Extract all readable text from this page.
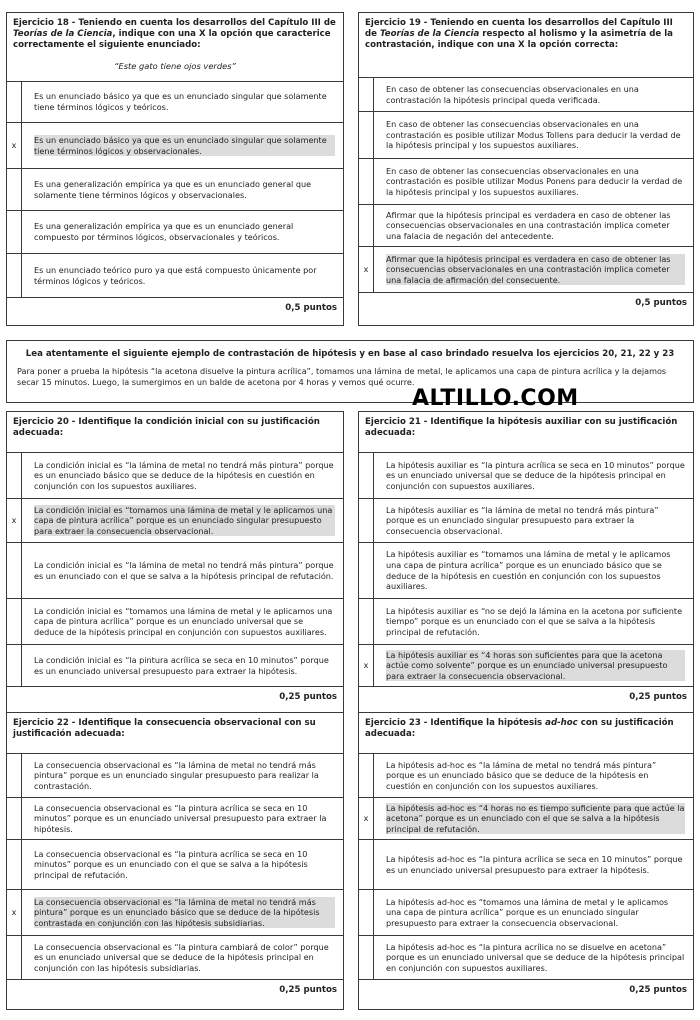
Ejercicio 18 - Teniendo en cuenta los desarrollos del Capítulo III de Teorías de la Ciencia, indique con una X la opción que caracterice correctamente el siguiente enunciado:
“Este gato tiene ojos verdes”
Es un enunciado básico ya que es un enunciado singular que solamente tiene términos lógicos y teóricos.
x
Es un enunciado básico ya que es un enunciado singular que solamente tiene términos lógicos y observacionales.
Es una generalización empírica ya que es un enunciado general que solamente tiene términos lógicos y observacionales.
Es una generalización empírica ya que es un enunciado general compuesto por términos lógicos, observacionales y teóricos.
Es un enunciado teórico puro ya que está compuesto únicamente por términos lógicos y teóricos.
0,5 puntos
Ejercicio 19 - Teniendo en cuenta los desarrollos del Capítulo III de Teorías de la Ciencia respecto al holismo y la asimetría de la contrastación, indique con una X la opción correcta:
En caso de obtener las consecuencias observacionales en una contrastación la hipótesis principal queda verificada.
En caso de obtener las consecuencias observacionales en una contrastación es posible utilizar Modus Tollens para deducir la verdad de la hipótesis principal y los supuestos auxiliares.
En caso de obtener las consecuencias observacionales en una contrastación es posible utilizar Modus Ponens para deducir la verdad de la hipótesis principal y los supuestos auxiliares.
Afirmar que la hipótesis principal es verdadera en caso de obtener las consecuencias observacionales en una contrastación implica cometer una falacia de negación del antecedente.
x
Afirmar que la hipótesis principal es verdadera en caso de obtener las consecuencias observacionales en una contrastación implica cometer una falacia de afirmación del consecuente.
0,5 puntos
Lea atentamente el siguiente ejemplo de contrastación de hipótesis y en base al caso brindado resuelva los ejercicios 20, 21, 22 y 23
Para poner a prueba la hipótesis “la acetona disuelve la pintura acrílica”, tomamos una lámina de metal, le aplicamos una capa de pintura acrílica y la dejamos secar 15 minutos. Luego, la sumergimos en un balde de acetona por 4 horas y vemos qué ocurre.
ALTILLO.COM
Ejercicio 20 - Identifique la condición inicial con su justificación adecuada:
La condición inicial es “la lámina de metal no tendrá más pintura” porque es un enunciado básico que se deduce de la hipótesis en cuestión en conjunción con los supuestos auxiliares.
x
La condición inicial es “tomamos una lámina de metal y le aplicamos una capa de pintura acrílica” porque es un enunciado singular presupuesto para extraer la consecuencia observacional.
La condición inicial es “la lámina de metal no tendrá más pintura” porque es un enunciado con el que se salva a la hipótesis principal de refutación.
La condición inicial es “tomamos una lámina de metal y le aplicamos una capa de pintura acrílica” porque es un enunciado universal que se deduce de la hipótesis principal en conjunción con supuestos auxiliares.
La condición inicial es “la pintura acrílica se seca en 10 minutos” porque es un enunciado universal presupuesto para extraer la hipótesis.
0,25 puntos
Ejercicio 21 - Identifique la hipótesis auxiliar con su justificación adecuada:
La hipótesis auxiliar es “la pintura acrílica se seca en 10 minutos” porque es un enunciado universal que se deduce de la hipótesis principal en conjunción con supuestos auxiliares.
La hipótesis auxiliar es “la lámina de metal no tendrá más pintura” porque es un enunciado singular presupuesto para extraer la consecuencia observacional.
La hipótesis auxiliar es “tomamos una lámina de metal y le aplicamos una capa de pintura acrílica” porque es un enunciado básico que se deduce de la hipótesis en cuestión en conjunción con los supuestos auxiliares.
La hipótesis auxiliar es “no se dejó la lámina en la acetona por suficiente tiempo” porque es un enunciado con el que se salva a la hipótesis principal de refutación.
x
La hipótesis auxiliar es “4 horas son suficientes para que la acetona actúe como solvente” porque es un enunciado universal presupuesto para extraer la consecuencia observacional.
0,25 puntos
Ejercicio 22 - Identifique la consecuencia observacional con su justificación adecuada:
La consecuencia observacional es “la lámina de metal no tendrá más pintura” porque es un enunciado singular presupuesto para realizar la contrastación.
La consecuencia observacional es “la pintura acrílica se seca en 10 minutos” porque es un enunciado universal presupuesto para extraer la hipótesis.
La consecuencia observacional es “la pintura acrílica se seca en 10 minutos” porque es un enunciado con el que se salva a la hipótesis principal de refutación.
x
La consecuencia observacional es “la lámina de metal no tendrá más pintura” porque es un enunciado básico que se deduce de la hipótesis contrastada en conjunción con las hipótesis subsidiarias.
La consecuencia observacional es “la pintura cambiará de color” porque es un enunciado universal que se deduce de la hipótesis principal en conjunción con las hipótesis subsidiarias.
0,25 puntos
Ejercicio 23 - Identifique la hipótesis ad-hoc con su justificación adecuada:
La hipótesis ad-hoc es “la lámina de metal no tendrá más pintura” porque es un enunciado básico que se deduce de la hipótesis en cuestión en conjunción con los supuestos auxiliares.
x
La hipótesis ad-hoc es “4 horas no es tiempo suficiente para que actúe la acetona” porque es un enunciado con el que se salva a la hipótesis principal de refutación.
La hipótesis ad-hoc es “la pintura acrílica se seca en 10 minutos” porque es un enunciado universal presupuesto para extraer la hipótesis.
La hipótesis ad-hoc es “tomamos una lámina de metal y le aplicamos una capa de pintura acrílica” porque es un enunciado singular presupuesto para extraer la consecuencia observacional.
La hipótesis ad-hoc es “la pintura acrílica no se disuelve en acetona” porque es un enunciado universal que se deduce de la hipótesis principal en conjunción con supuestos auxiliares.
0,25 puntos
